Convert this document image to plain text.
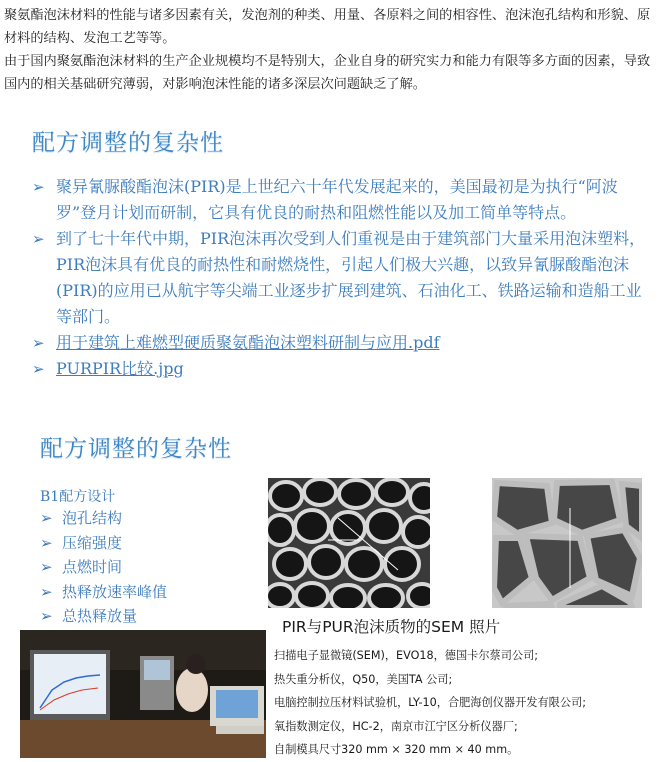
聚氨酯泡沫材料的性能与诸多因素有关，发泡剂的种类、用量、各原料之间的相容性、泡沫泡孔结构和形貌、原材料的结构、发泡工艺等等。

由于国内聚氨酯泡沫材料的生产企业规模均不是特别大，企业自身的研究实力和能力有限等多方面的因素，导致国内的相关基础研究薄弱，对影响泡沫性能的诸多深层次问题缺乏了解。

配方调整的复杂性

➢ 聚异氰脲酸酯泡沫(PIR)是上世纪六十年代发展起来的，美国最初是为执行“阿波罗”登月计划而研制，它具有优良的耐热和阻燃性能以及加工简单等特点。

➢ 到了七十年代中期，PIR泡沫再次受到人们重视是由于建筑部门大量采用泡沫塑料，PIR泡沫具有优良的耐热性和耐燃烧性，引起人们极大兴趣，以致异氰脲酸酯泡沫(PIR)的应用已从航宇等尖端工业逐步扩展到建筑、石油化工、铁路运输和造船工业等部门。

➢ 用于建筑上难燃型硬质聚氨酯泡沫塑料研制与应用.pdf

➢ PURPIR比较.jpg

配方调整的复杂性
B1配方设计

➢ 泡孔结构

➢ 压缩强度

➢ 点燃时间

➢ 热释放速率峰值

➢ 总热释放量

PIR与PUR泡沫质物的SEM 照片

扫描电子显微镜(SEM)，EVO18，德国卡尔蔡司公司;

热失重分析仪，Q50，美国TA 公司;

电脑控制拉压材料试验机，LY-10，合肥海创仪器开发有限公司;

氧指数测定仪，HC-2，南京市江宁区分析仪器厂;

自制模具尺寸320 mm × 320 mm × 40 mm。
